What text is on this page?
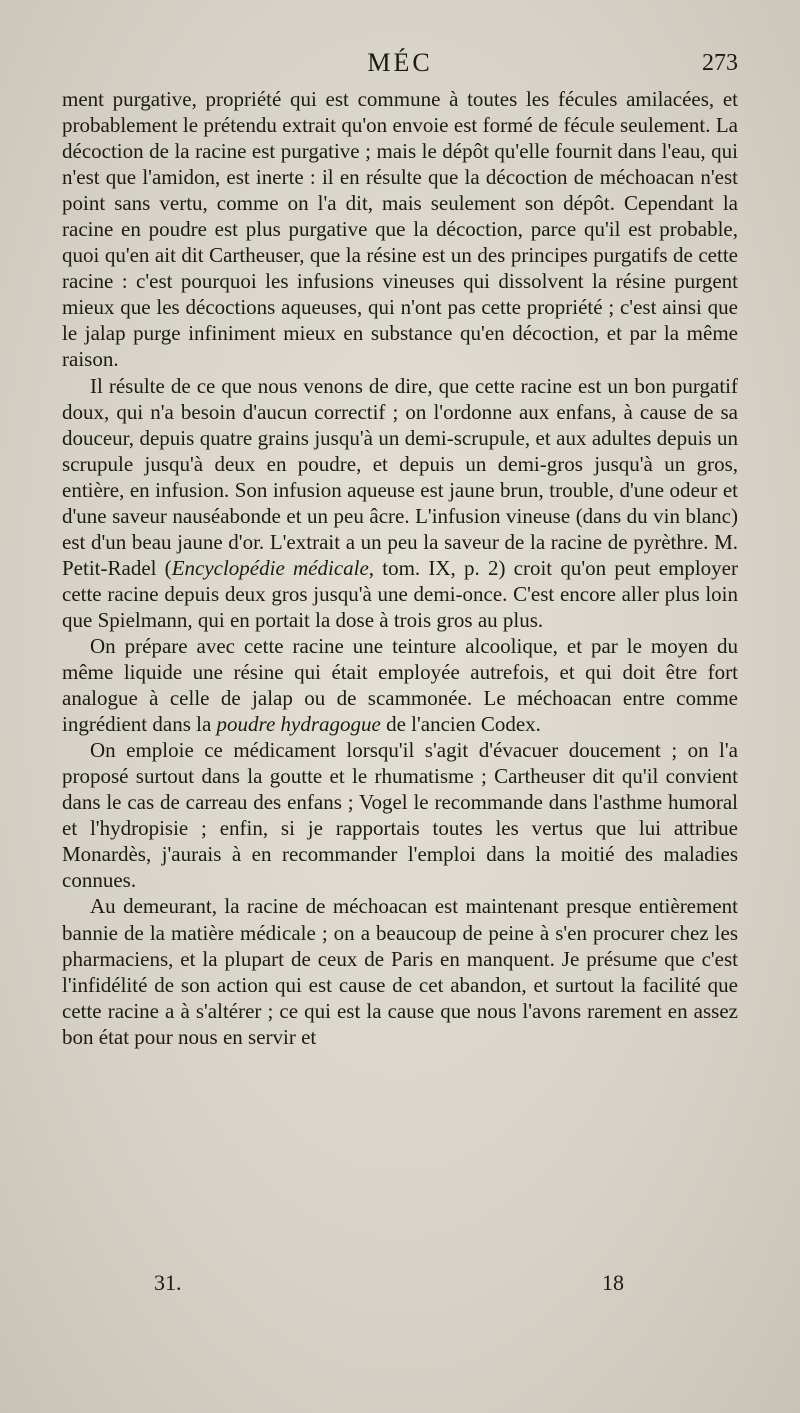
MÉC	273

ment purgative, propriété qui est commune à toutes les fécules amilacées, et probablement le prétendu extrait qu'on envoie est formé de fécule seulement. La décoction de la racine est purgative ; mais le dépôt qu'elle fournit dans l'eau, qui n'est que l'amidon, est inerte : il en résulte que la décoction de méchoacan n'est point sans vertu, comme on l'a dit, mais seulement son dépôt. Cependant la racine en poudre est plus purgative que la décoction, parce qu'il est probable, quoi qu'en ait dit Cartheuser, que la résine est un des principes purgatifs de cette racine : c'est pourquoi les infusions vineuses qui dissolvent la résine purgent mieux que les décoctions aqueuses, qui n'ont pas cette propriété ; c'est ainsi que le jalap purge infiniment mieux en substance qu'en décoction, et par la même raison.

Il résulte de ce que nous venons de dire, que cette racine est un bon purgatif doux, qui n'a besoin d'aucun correctif ; on l'ordonne aux enfans, à cause de sa douceur, depuis quatre grains jusqu'à un demi-scrupule, et aux adultes depuis un scrupule jusqu'à deux en poudre, et depuis un demi-gros jusqu'à un gros, entière, en infusion. Son infusion aqueuse est jaune brun, trouble, d'une odeur et d'une saveur nauséabonde et un peu âcre. L'infusion vineuse (dans du vin blanc) est d'un beau jaune d'or. L'extrait a un peu la saveur de la racine de pyrèthre. M. Petit-Radel (Encyclopédie médicale, tom. IX, p. 2) croit qu'on peut employer cette racine depuis deux gros jusqu'à une demi-once. C'est encore aller plus loin que Spielmann, qui en portait la dose à trois gros au plus.

On prépare avec cette racine une teinture alcoolique, et par le moyen du même liquide une résine qui était employée autrefois, et qui doit être fort analogue à celle de jalap ou de scammonée. Le méchoacan entre comme ingrédient dans la poudre hydragogue de l'ancien Codex.

On emploie ce médicament lorsqu'il s'agit d'évacuer doucement ; on l'a proposé surtout dans la goutte et le rhumatisme ; Cartheuser dit qu'il convient dans le cas de carreau des enfans ; Vogel le recommande dans l'asthme humoral et l'hydropisie ; enfin, si je rapportais toutes les vertus que lui attribue Monardès, j'aurais à en recommander l'emploi dans la moitié des maladies connues.

Au demeurant, la racine de méchoacan est maintenant presque entièrement bannie de la matière médicale ; on a beaucoup de peine à s'en procurer chez les pharmaciens, et la plupart de ceux de Paris en manquent. Je présume que c'est l'infidélité de son action qui est cause de cet abandon, et surtout la facilité que cette racine a à s'altérer ; ce qui est la cause que nous l'avons rarement en assez bon état pour nous en servir et

31.	18
